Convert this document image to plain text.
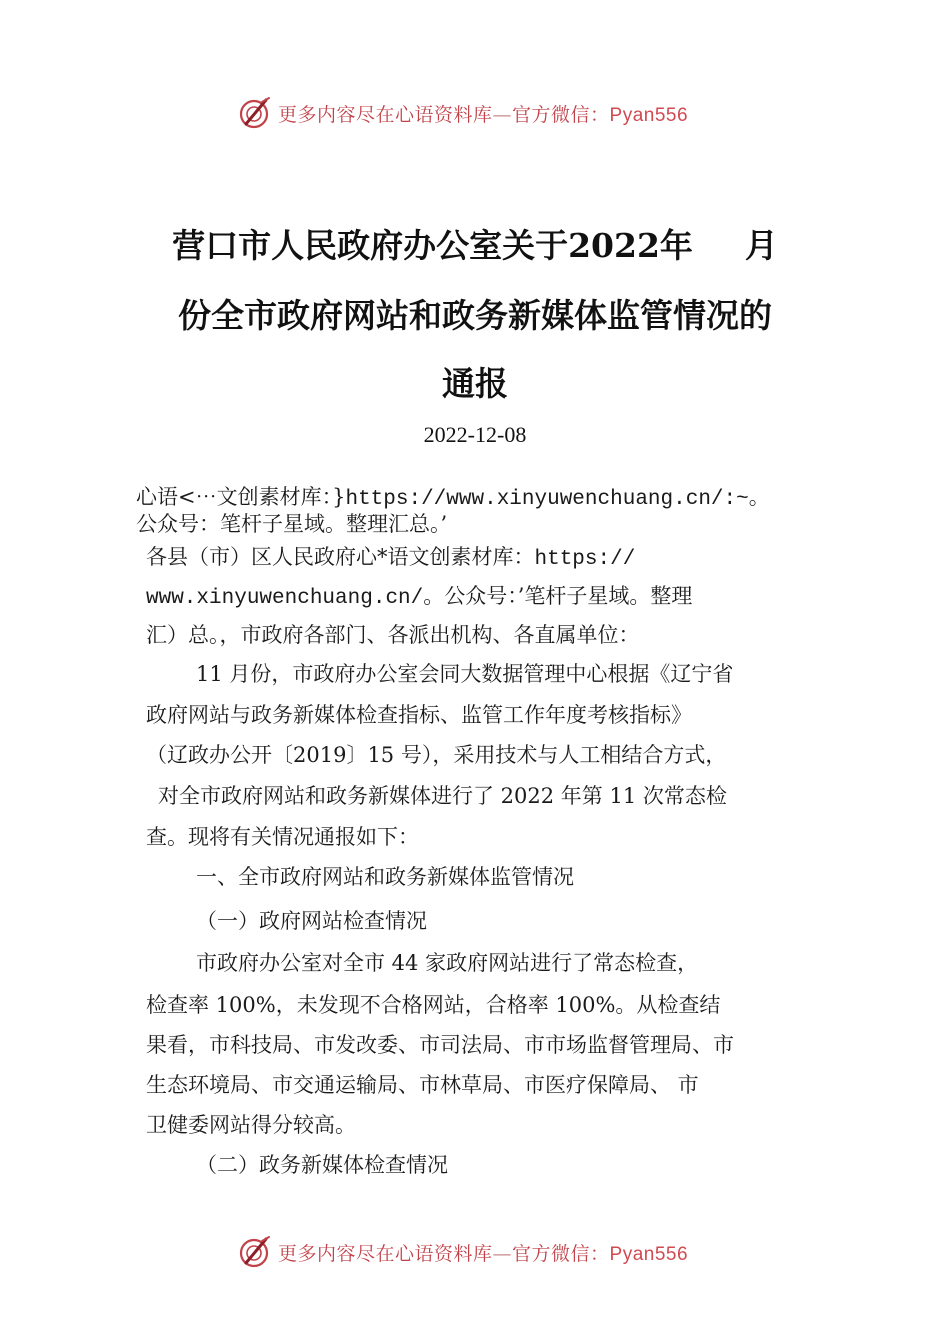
更多内容尽在心语资料库—官方微信：Pyan556
营口市人民政府办公室关于2022年 月
份全市政府网站和政务新媒体监管情况的
通报
2022-12-08
心语<⋯文创素材库：}https://www.xinyuwenchuang.cn/:~。
公众号：笔杆子星域。整理汇总。’
各县（市）区人民政府心*语文创素材库：https://
www.xinyuwenchuang.cn/。公众号：’笔杆子星域。整理
汇）总。，市政府各部门、各派出机构、各直属单位：
11 月份，市政府办公室会同大数据管理中心根据《辽宁省
政府网站与政务新媒体检查指标、监管工作年度考核指标》
（辽政办公开〔2019〕15 号），采用技术与人工相结合方式，
对全市政府网站和政务新媒体进行了 2022 年第 11 次常态检
查。现将有关情况通报如下：
一、全市政府网站和政务新媒体监管情况
（一）政府网站检查情况
市政府办公室对全市 44 家政府网站进行了常态检查，
检查率 100%，未发现不合格网站，合格率 100%。从检查结
果看，市科技局、市发改委、市司法局、市市场监督管理局、市
生态环境局、市交通运输局、市林草局、市医疗保障局、 市
卫健委网站得分较高。
（二）政务新媒体检查情况
更多内容尽在心语资料库—官方微信：Pyan556
